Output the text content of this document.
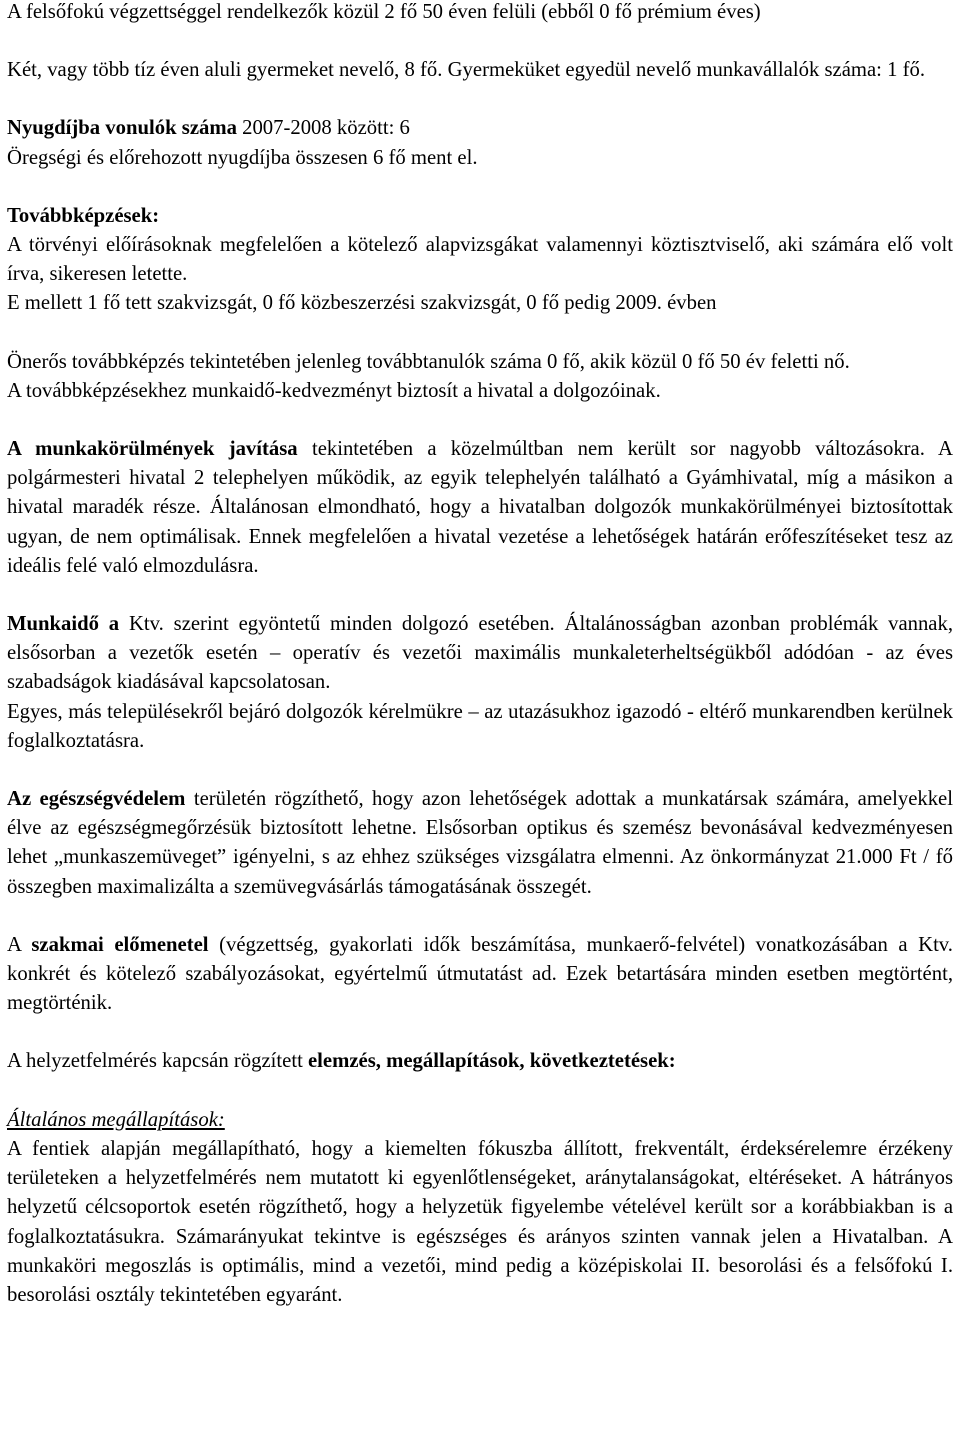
A felsőfokú végzettséggel rendelkezők közül 2 fő 50 éven felüli (ebből 0 fő prémium éves)

Két, vagy több tíz éven aluli gyermeket nevelő, 8 fő. Gyermeküket egyedül nevelő munkavállalók száma: 1 fő.

Nyugdíjba vonulók száma 2007-2008 között: 6

Öregségi és előrehozott nyugdíjba összesen 6 fő ment el.

Továbbképzések:

A törvényi előírásoknak megfelelően a kötelező alapvizsgákat valamennyi köztisztviselő, aki számára elő volt írva, sikeresen letette.

E mellett 1 fő tett szakvizsgát, 0 fő közbeszerzési szakvizsgát, 0 fő pedig 2009. évben

Önerős továbbképzés tekintetében jelenleg továbbtanulók száma 0 fő, akik közül 0 fő 50 év feletti nő.

A továbbképzésekhez munkaidő-kedvezményt biztosít a hivatal a dolgozóinak.

A munkakörülmények javítása tekintetében a közelmúltban nem került sor nagyobb változásokra. A polgármesteri hivatal 2 telephelyen működik, az egyik telephelyén található a Gyámhivatal, míg a másikon a hivatal maradék része. Általánosan elmondható, hogy a hivatalban dolgozók munkakörülményei biztosítottak ugyan, de nem optimálisak. Ennek megfelelően a hivatal vezetése a lehetőségek határán erőfeszítéseket tesz az ideális felé való elmozdulásra.

Munkaidő a Ktv. szerint egyöntetű minden dolgozó esetében. Általánosságban azonban problémák vannak, elsősorban a vezetők esetén – operatív és vezetői maximális munkaleterheltségükből adódóan - az éves szabadságok kiadásával kapcsolatosan.

Egyes, más településekről bejáró dolgozók kérelmükre – az utazásukhoz igazodó - eltérő munkarendben kerülnek foglalkoztatásra.

Az egészségvédelem területén rögzíthető, hogy azon lehetőségek adottak a munkatársak számára, amelyekkel élve az egészségmegőrzésük biztosított lehetne. Elsősorban optikus és szemész bevonásával kedvezményesen lehet „munkaszemüveget” igényelni, s az ehhez szükséges vizsgálatra elmenni. Az önkormányzat 21.000 Ft / fő összegben maximalizálta a szemüvegvásárlás támogatásának összegét.

A szakmai előmenetel (végzettség, gyakorlati idők beszámítása, munkaerő-felvétel) vonatkozásában a Ktv. konkrét és kötelező szabályozásokat, egyértelmű útmutatást ad. Ezek betartására minden esetben megtörtént, megtörténik.

A helyzetfelmérés kapcsán rögzített elemzés, megállapítások, következtetések:

Általános megállapítások:

A fentiek alapján megállapítható, hogy a kiemelten fókuszba állított, frekventált, érdeksérelemre érzékeny területeken a helyzetfelmérés nem mutatott ki egyenlőtlenségeket, aránytalanságokat, eltéréseket. A hátrányos helyzetű célcsoportok esetén rögzíthető, hogy a helyzetük figyelembe vételével került sor a korábbiakban is a foglalkoztatásukra. Számarányukat tekintve is egészséges és arányos szinten vannak jelen a Hivatalban. A munkaköri megoszlás is optimális, mind a vezetői, mind pedig a középiskolai II. besorolási és a felsőfokú I. besorolási osztály tekintetében egyaránt.
